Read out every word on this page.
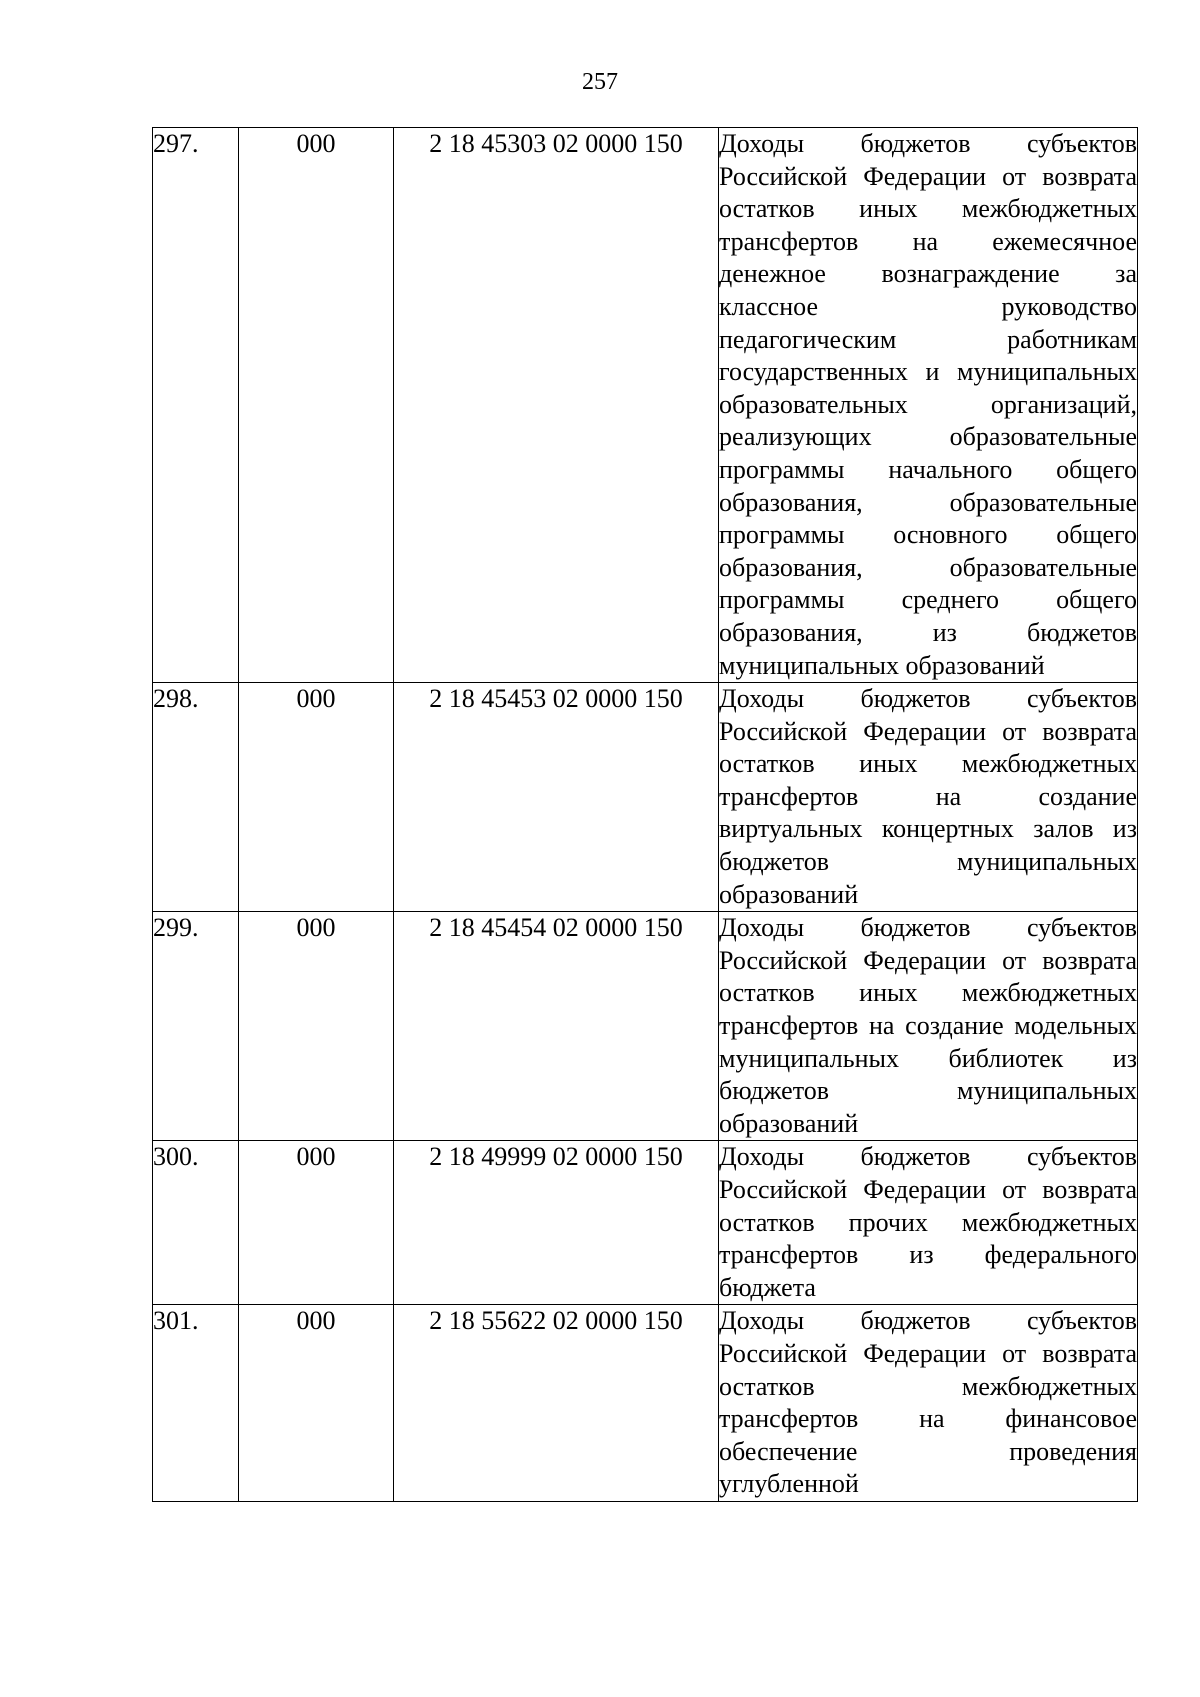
257
297.	000	2 18 45303 02 0000 150	Доходы бюджетов субъектов Российской Федерации от возврата остатков иных межбюджетных трансфертов на ежемесячное денежное вознаграждение за классное руководство педагогическим работникам государственных и муниципальных образовательных организаций, реализующих образовательные программы начального общего образования, образовательные программы основного общего образования, образовательные программы среднего общего образования, из бюджетов муниципальных образований
298.	000	2 18 45453 02 0000 150	Доходы бюджетов субъектов Российской Федерации от возврата остатков иных межбюджетных трансфертов на создание виртуальных концертных залов из бюджетов муниципальных образований
299.	000	2 18 45454 02 0000 150	Доходы бюджетов субъектов Российской Федерации от возврата остатков иных межбюджетных трансфертов на создание модельных муниципальных библиотек из бюджетов муниципальных образований
300.	000	2 18 49999 02 0000 150	Доходы бюджетов субъектов Российской Федерации от возврата остатков прочих межбюджетных трансфертов из федерального бюджета
301.	000	2 18 55622 02 0000 150	Доходы бюджетов субъектов Российской Федерации от возврата остатков межбюджетных трансфертов на финансовое обеспечение проведения углубленной
